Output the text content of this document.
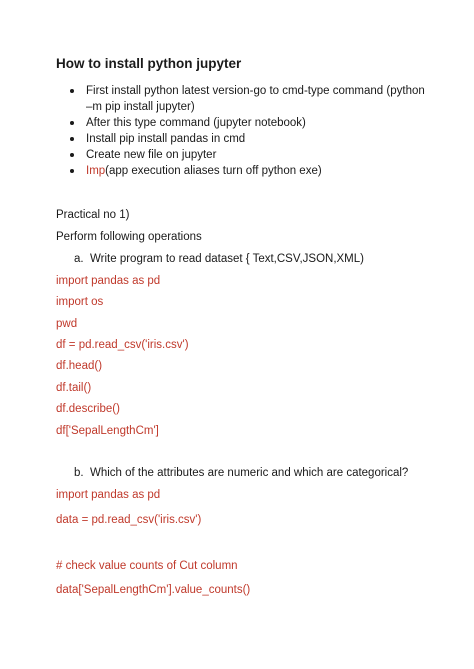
How to install python jupyter
First install python latest version-go to cmd-type command (python –m pip install jupyter)
After this type command (jupyter notebook)
Install pip install pandas in cmd
Create new file on jupyter
Imp(app execution aliases turn off python exe)
Practical no 1)
Perform following operations
a. Write program to read dataset { Text,CSV,JSON,XML)
import pandas as pd
import os
pwd
df = pd.read_csv('iris.csv')
df.head()
df.tail()
df.describe()
df['SepalLengthCm']
b. Which of the attributes are numeric and which are categorical?
import pandas as pd
data = pd.read_csv('iris.csv')
# check value counts of Cut column
data['SepalLengthCm'].value_counts()
